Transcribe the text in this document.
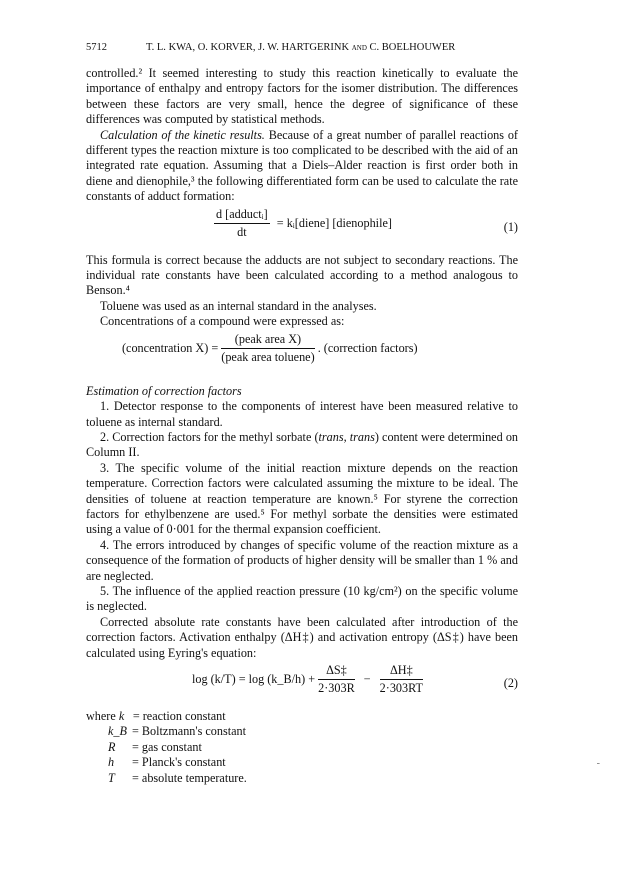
5712	T. L. KWA, O. KORVER, J. W. HARTGERINK and C. BOELHOUWER

controlled.² It seemed interesting to study this reaction kinetically to evaluate the importance of enthalpy and entropy factors for the isomer distribution. The differences between these factors are very small, hence the degree of significance of these differences was computed by statistical methods.

Calculation of the kinetic results. Because of a great number of parallel reactions of different types the reaction mixture is too complicated to be described with the aid of an integrated rate equation. Assuming that a Diels–Alder reaction is first order both in diene and dienophile,³ the following differentiated form can be used to calculate the rate constants of adduct formation:

$\frac{\text{d [adductᵢ]}}{dt}$ = kᵢ[diene] [dienophile]	(1)

This formula is correct because the adducts are not subject to secondary reactions. The individual rate constants have been calculated according to a method analogous to Benson.⁴

Toluene was used as an internal standard in the analyses.

Concentrations of a compound were expressed as:

(concentration $X) = \frac{\text{(peak area X)}}{\text{(peak area toluene)}}$ . (correction factors)

Estimation of correction factors

1. Detector response to the components of interest have been measured relative to toluene as internal standard.

2. Correction factors for the methyl sorbate (trans, trans) content were determined on Column II.

3. The specific volume of the initial reaction mixture depends on the reaction temperature. Correction factors were calculated assuming the mixture to be ideal. The densities of toluene at reaction temperature are known.⁵ For styrene the correction factors for ethylbenzene are used.⁵ For methyl sorbate the densities were estimated using a value of 0·001 for the thermal expansion coefficient.

4. The errors introduced by changes of specific volume of the reaction mixture as a consequence of the formation of products of higher density will be smaller than 1 % and are neglected.

5. The influence of the applied reaction pressure (10 kg/cm²) on the specific volume is neglected.

Corrected absolute rate constants have been calculated after introduction of the correction factors. Activation enthalpy (ΔH‡) and activation entropy (ΔS‡) have been calculated using Eyring's equation:

log (k/T) = log (k_B/h) + $\frac{\Delta S\ddagger}{2\cdot 303R} - \frac{\Delta H\ddagger}{2\cdot 303RT}$	(2)
where k = reaction constant
k_B = Boltzmann's constant
R = gas constant
h = Planck's constant
T = absolute temperature.
-
